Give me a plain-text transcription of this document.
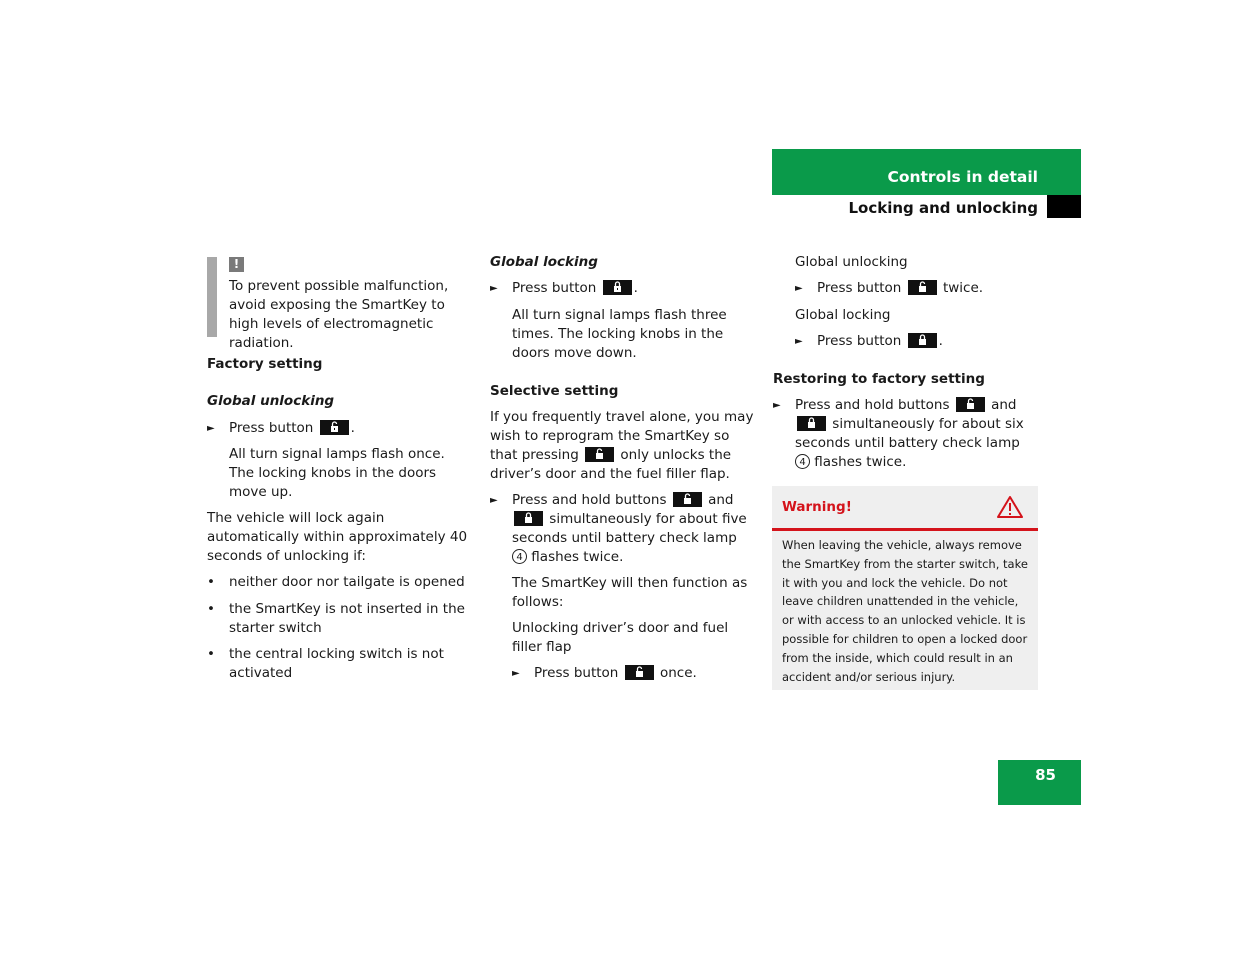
Controls in detail
Locking and unlocking

!

To prevent possible malfunction, avoid exposing the SmartKey to high levels of electromagnetic radiation.

Factory setting

Global unlocking

►	Press button	.

All turn signal lamps flash once. The locking knobs in the doors move up.

The vehicle will lock again automatically within approximately 40 seconds of unlocking if:

• neither door nor tailgate is opened

• the SmartKey is not inserted in the starter switch

• the central locking switch is not activated

Global locking

►	Press button	.

All turn signal lamps flash three times. The locking knobs in the doors move down.

Selective setting

If you frequently travel alone, you may wish to reprogram the SmartKey so that pressing	only unlocks the driver’s door and the fuel filler flap.

►	Press and hold buttons	and
simultaneously for about five seconds until battery check lamp 4 flashes twice.

The SmartKey will then function as follows:

Unlocking driver’s door and fuel filler flap

►	Press button	once.

Global unlocking

►	Press button	twice.

Global locking

►	Press button	.

Restoring to factory setting

►	Press and hold buttons	and
simultaneously for about six seconds until battery check lamp 4 flashes twice.

Warning!
When leaving the vehicle, always remove the SmartKey from the starter switch, take it with you and lock the vehicle. Do not leave children unattended in the vehicle, or with access to an unlocked vehicle. It is possible for children to open a locked door from the inside, which could result in an accident and/or serious injury.
85
